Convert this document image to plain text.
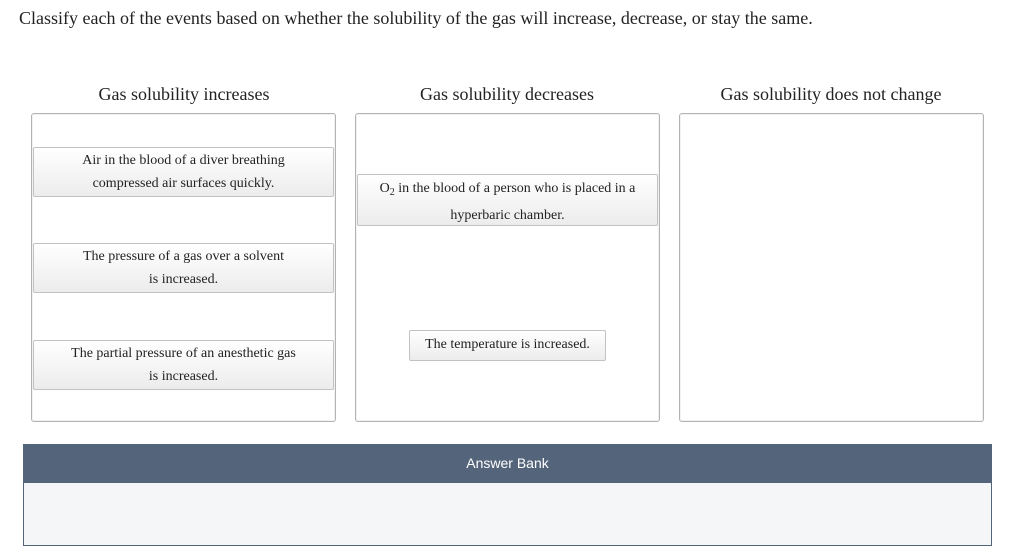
Classify each of the events based on whether the solubility of the gas will increase, decrease, or stay the same.
Gas solubility increases	Gas solubility decreases	Gas solubility does not change
Air in the blood of a diver breathing
compressed air surfaces quickly.
The pressure of a gas over a solvent
is increased.
The partial pressure of an anesthetic gas
is increased.
$O_2$ in the blood of a person who is placed in a
hyperbaric chamber.
The temperature is increased.
Answer Bank
